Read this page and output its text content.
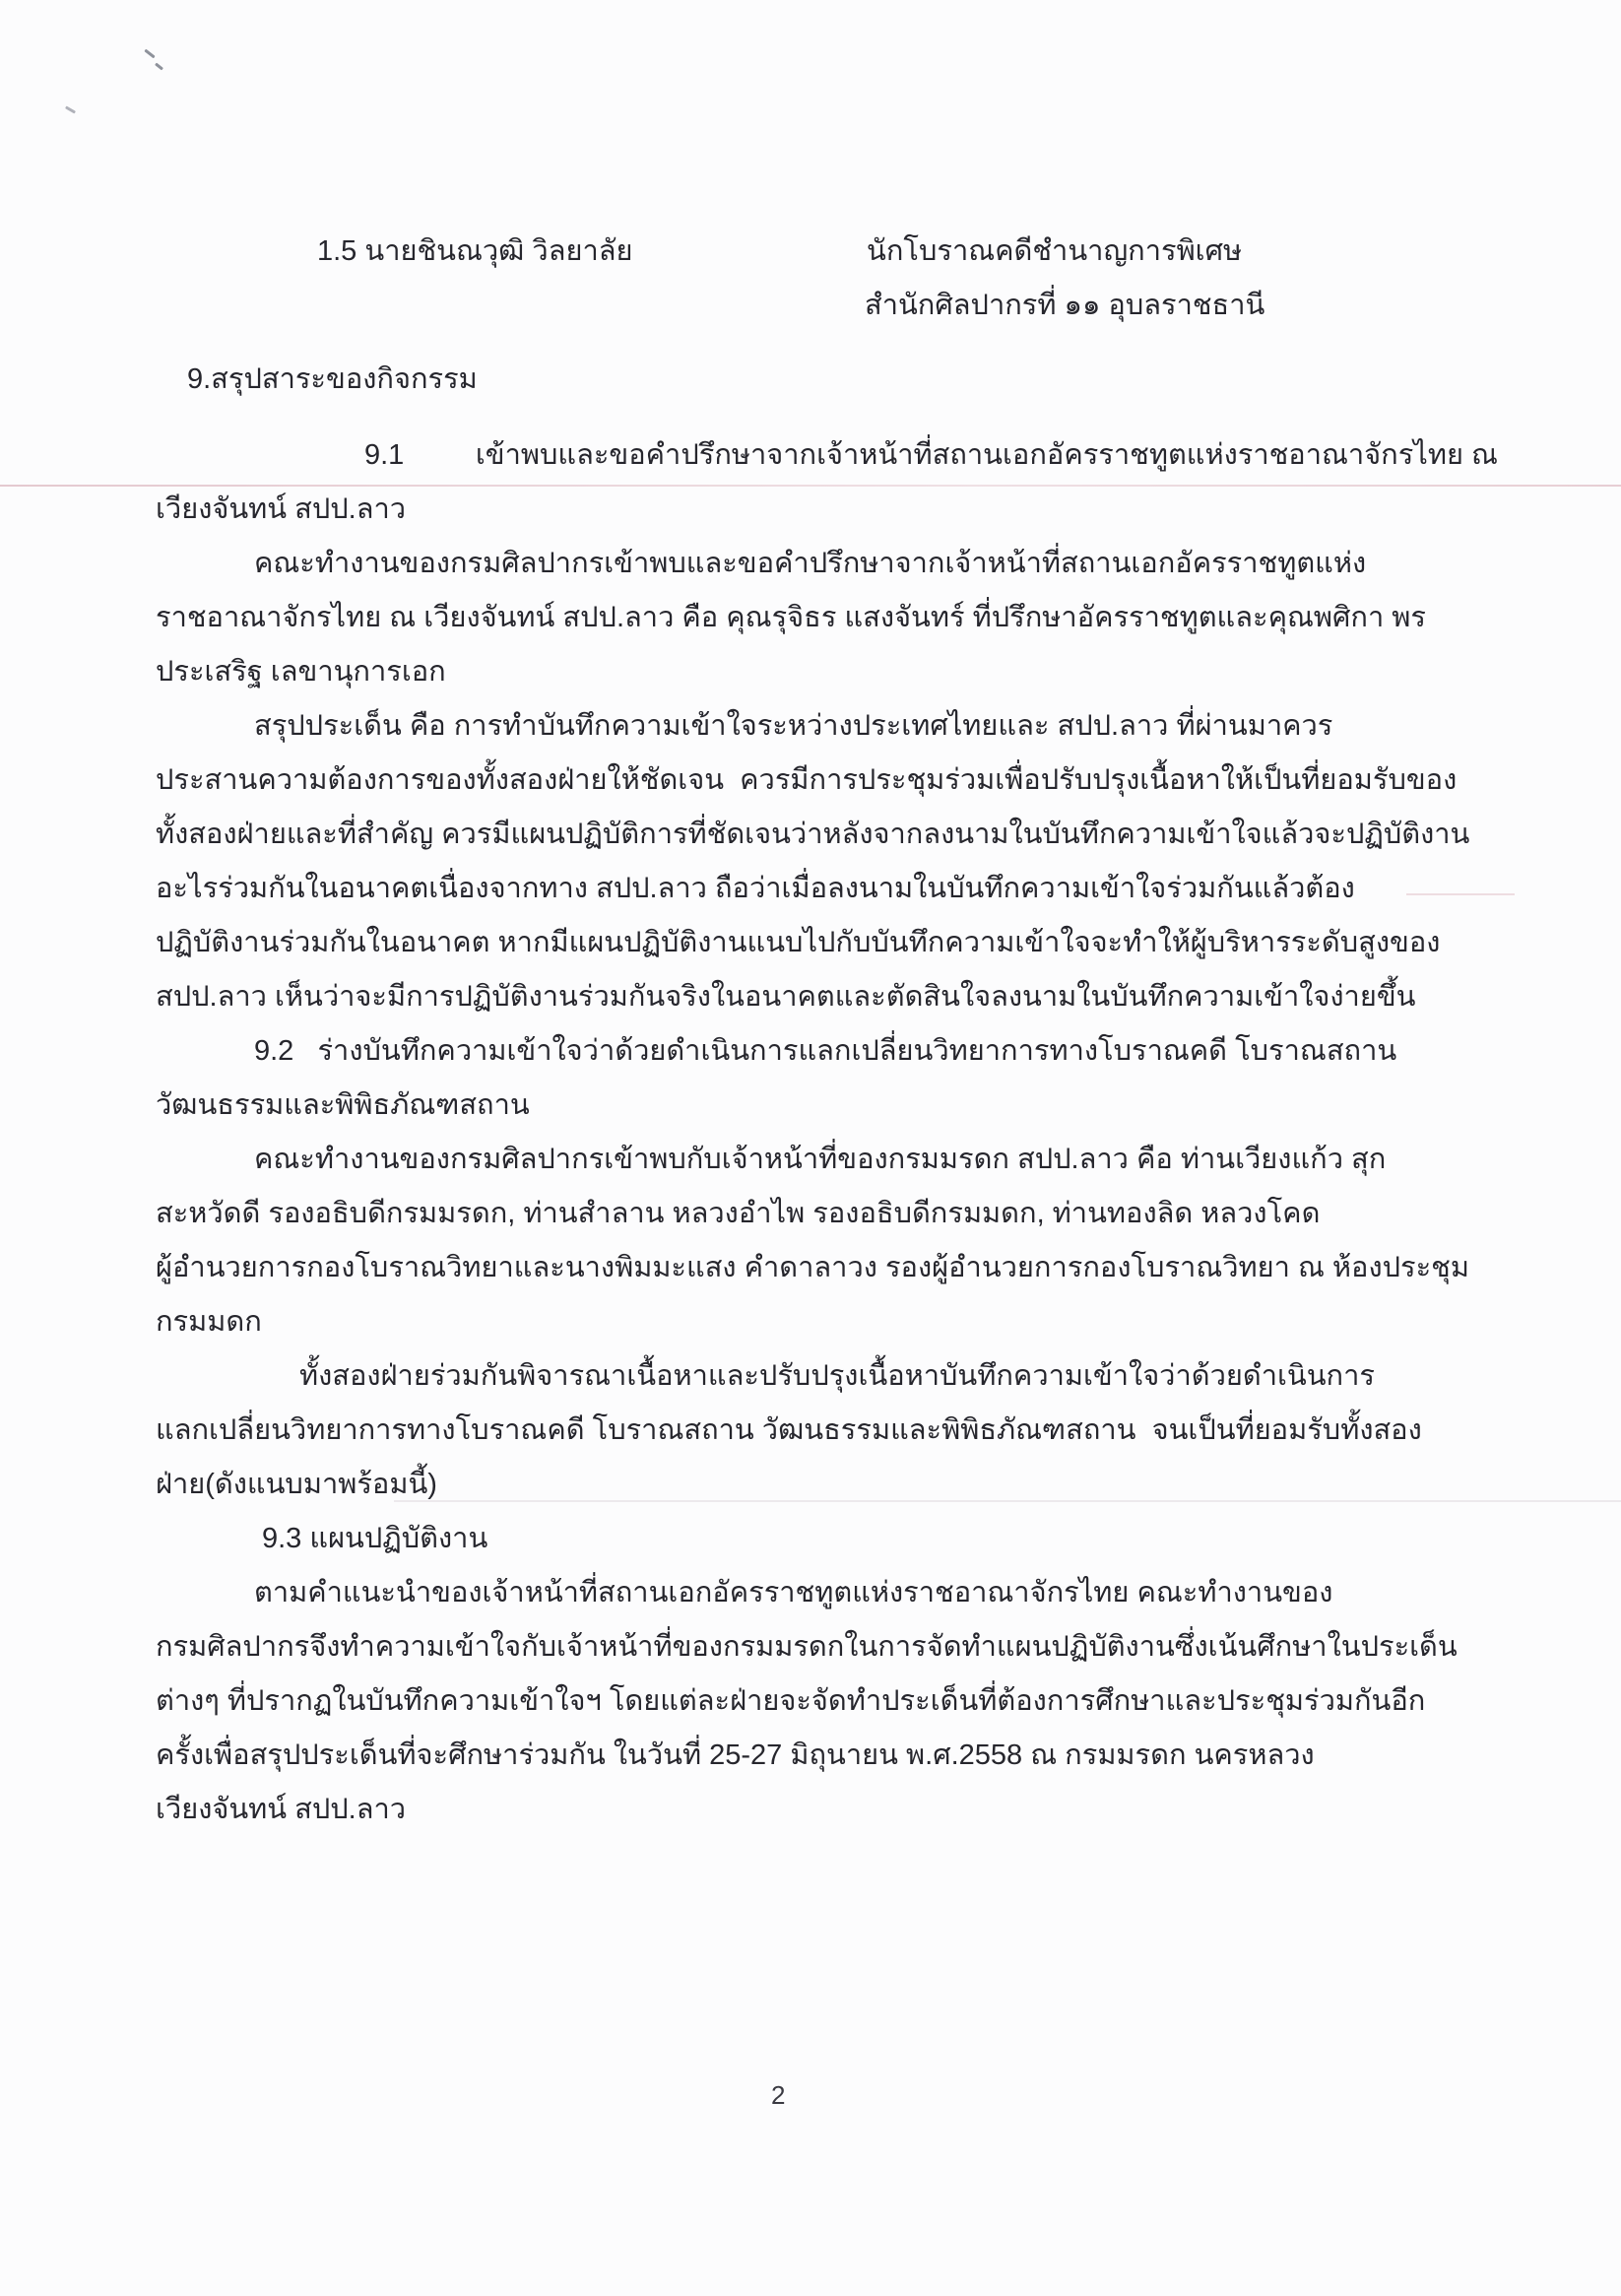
1.5 นายชินณวุฒิ วิลยาลัย	นักโบราณคดีชำนาญการพิเศษ
สำนักศิลปากรที่ ๑๑ อุบลราชธานี
9.สรุปสาระของกิจกรรม
9.1         เข้าพบและขอคำปรึกษาจากเจ้าหน้าที่สถานเอกอัครราชทูตแห่งราชอาณาจักรไทย ณ
เวียงจันทน์ สปป.ลาว
คณะทำงานของกรมศิลปากรเข้าพบและขอคำปรึกษาจากเจ้าหน้าที่สถานเอกอัครราชทูตแห่ง
ราชอาณาจักรไทย ณ เวียงจันทน์ สปป.ลาว คือ คุณรุจิธร แสงจันทร์ ที่ปรึกษาอัครราชทูตและคุณพศิกา พร
ประเสริฐ เลขานุการเอก
สรุปประเด็น คือ การทำบันทึกความเข้าใจระหว่างประเทศไทยและ สปป.ลาว ที่ผ่านมาควร
ประสานความต้องการของทั้งสองฝ่ายให้ชัดเจน  ควรมีการประชุมร่วมเพื่อปรับปรุงเนื้อหาให้เป็นที่ยอมรับของ
ทั้งสองฝ่ายและที่สำคัญ ควรมีแผนปฏิบัติการที่ชัดเจนว่าหลังจากลงนามในบันทึกความเข้าใจแล้วจะปฏิบัติงาน
อะไรร่วมกันในอนาคตเนื่องจากทาง สปป.ลาว ถือว่าเมื่อลงนามในบันทึกความเข้าใจร่วมกันแล้วต้อง
ปฏิบัติงานร่วมกันในอนาคต หากมีแผนปฏิบัติงานแนบไปกับบันทึกความเข้าใจจะทำให้ผู้บริหารระดับสูงของ
สปป.ลาว เห็นว่าจะมีการปฏิบัติงานร่วมกันจริงในอนาคตและตัดสินใจลงนามในบันทึกความเข้าใจง่ายขึ้น
9.2   ร่างบันทึกความเข้าใจว่าด้วยดำเนินการแลกเปลี่ยนวิทยาการทางโบราณคดี โบราณสถาน
วัฒนธรรมและพิพิธภัณฑสถาน
คณะทำงานของกรมศิลปากรเข้าพบกับเจ้าหน้าที่ของกรมมรดก สปป.ลาว คือ ท่านเวียงแก้ว สุก
สะหวัดดี รองอธิบดีกรมมรดก, ท่านสำลาน หลวงอำไพ รองอธิบดีกรมมดก, ท่านทองลิด หลวงโคด
ผู้อำนวยการกองโบราณวิทยาและนางพิมมะแสง คำดาลาวง รองผู้อำนวยการกองโบราณวิทยา ณ ห้องประชุม
กรมมดก
ทั้งสองฝ่ายร่วมกันพิจารณาเนื้อหาและปรับปรุงเนื้อหาบันทึกความเข้าใจว่าด้วยดำเนินการ
แลกเปลี่ยนวิทยาการทางโบราณคดี โบราณสถาน วัฒนธรรมและพิพิธภัณฑสถาน  จนเป็นที่ยอมรับทั้งสอง
ฝ่าย(ดังแนบมาพร้อมนี้)
9.3 แผนปฏิบัติงาน
ตามคำแนะนำของเจ้าหน้าที่สถานเอกอัครราชทูตแห่งราชอาณาจักรไทย คณะทำงานของ
กรมศิลปากรจึงทำความเข้าใจกับเจ้าหน้าที่ของกรมมรดกในการจัดทำแผนปฏิบัติงานซึ่งเน้นศึกษาในประเด็น
ต่างๆ ที่ปรากฏในบันทึกความเข้าใจฯ โดยแต่ละฝ่ายจะจัดทำประเด็นที่ต้องการศึกษาและประชุมร่วมกันอีก
ครั้งเพื่อสรุปประเด็นที่จะศึกษาร่วมกัน ในวันที่ 25-27 มิถุนายน พ.ศ.2558 ณ กรมมรดก นครหลวง
เวียงจันทน์ สปป.ลาว
2
